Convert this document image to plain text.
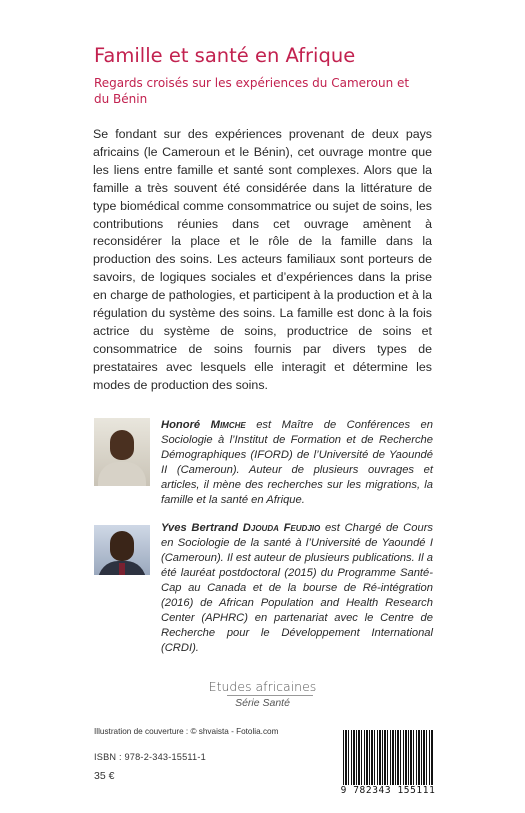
Famille et santé en Afrique
Regards croisés sur les expériences du Cameroun et du Bénin
Se fondant sur des expériences provenant de deux pays africains (le Cameroun et le Bénin), cet ouvrage montre que les liens entre famille et santé sont complexes. Alors que la famille a très souvent été considérée dans la littérature de type biomédical comme consommatrice ou sujet de soins, les contributions réunies dans cet ouvrage amènent à reconsidérer la place et le rôle de la famille dans la production des soins. Les acteurs familiaux sont porteurs de savoirs, de logiques sociales et d’expériences dans la prise en charge de pathologies, et participent à la production et à la régulation du système des soins. La famille est donc à la fois actrice du système de soins, productrice de soins et consommatrice de soins fournis par divers types de prestataires avec lesquels elle interagit et détermine les modes de production des soins.
Honoré Mimche est Maître de Conférences en Sociologie à l’Institut de Formation et de Recherche Démographiques (IFORD) de l’Université de Yaoundé II (Cameroun). Auteur de plusieurs ouvrages et articles, il mène des recherches sur les migrations, la famille et la santé en Afrique.
Yves Bertrand Djouda Feudjio est Chargé de Cours en Sociologie de la santé à l’Université de Yaoundé I (Cameroun). Il est auteur de plusieurs publications. Il a été lauréat postdoctoral (2015) du Programme Santé-Cap au Canada et de la bourse de Ré-intégration (2016) de African Population and Health Research Center (APHRC) en partenariat avec le Centre de Recherche pour le Développement International (CRDI).
Etudes africaines
Série Santé
Illustration de couverture : © shvaista - Fotolia.com
ISBN : 978-2-343-15511-1
35 €
9 782343 155111
